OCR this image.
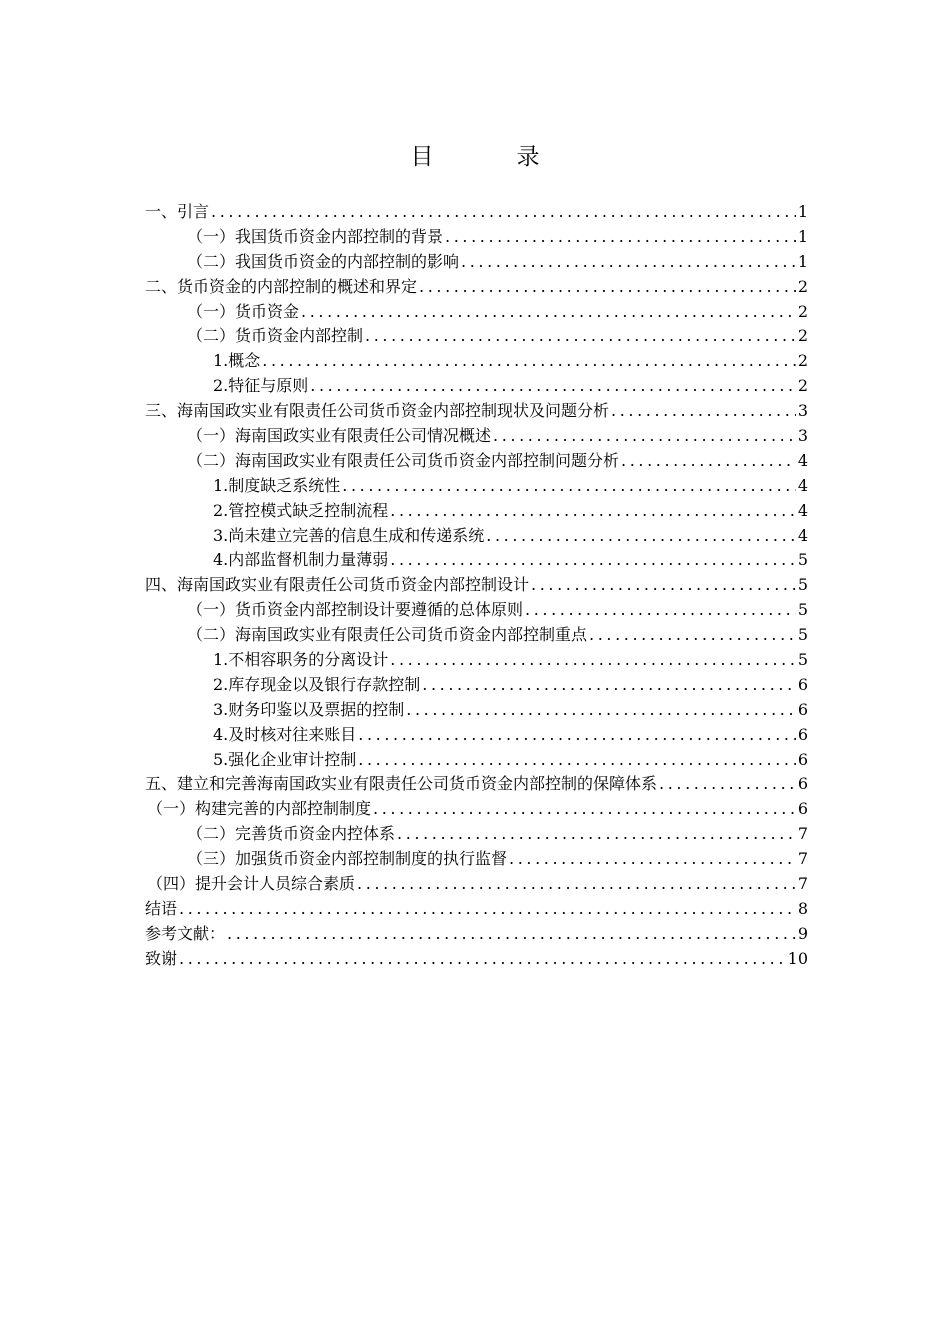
目　录
一、引言 .....	1
（一）我国货币资金内部控制的背景 .....	1
（二）我国货币资金的内部控制的影响 .....	1
二、货币资金的内部控制的概述和界定 .....	2
（一）货币资金 .....	2
（二）货币资金内部控制 .....	2
1.概念 .....	2
2.特征与原则 .....	2
三、海南国政实业有限责任公司货币资金内部控制现状及问题分析 .....	3
（一）海南国政实业有限责任公司情况概述 .....	3
（二）海南国政实业有限责任公司货币资金内部控制问题分析 .....	4
1.制度缺乏系统性 .....	4
2.管控模式缺乏控制流程 .....	4
3.尚未建立完善的信息生成和传递系统 .....	4
4.内部监督机制力量薄弱 .....	5
四、海南国政实业有限责任公司货币资金内部控制设计 .....	5
（一）货币资金内部控制设计要遵循的总体原则 .....	5
（二）海南国政实业有限责任公司货币资金内部控制重点 .....	5
1.不相容职务的分离设计 .....	5
2.库存现金以及银行存款控制 .....	6
3.财务印鉴以及票据的控制 .....	6
4.及时核对往来账目 .....	6
5.强化企业审计控制 .....	6
五、建立和完善海南国政实业有限责任公司货币资金内部控制的保障体系 .....	6
（一）构建完善的内部控制制度 .....	6
（二）完善货币资金内控体系 .....	7
（三）加强货币资金内部控制制度的执行监督 .....	7
（四）提升会计人员综合素质 .....	7
结语 .....	8
参考文献： .....	9
致谢 .....	10
